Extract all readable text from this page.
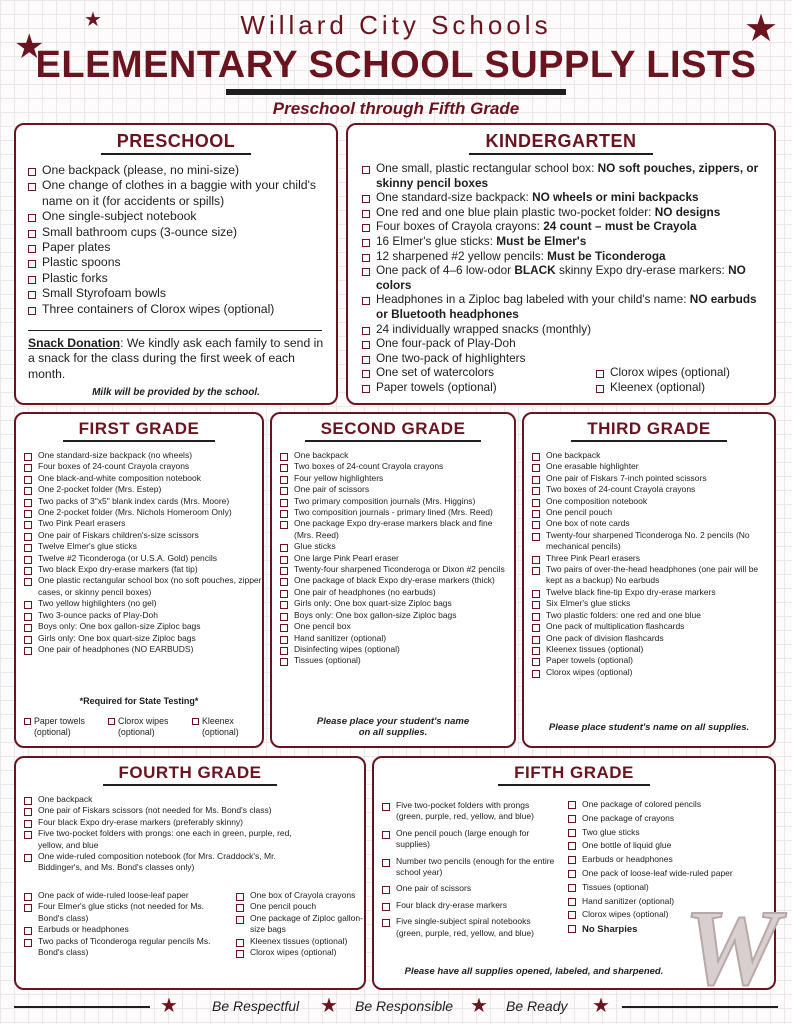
★
★	★
Willard City Schools
ELEMENTARY SCHOOL SUPPLY LISTS
Preschool through Fifth Grade
PRESCHOOL
One backpack (please, no mini-size)
One change of clothes in a baggie with your child's name on it (for accidents or spills)
One single-subject notebook
Small bathroom cups (3-ounce size)
Paper plates
Plastic spoons
Plastic forks
Small Styrofoam bowls
Three containers of Clorox wipes (optional)
Snack Donation: We kindly ask each family to send in a snack for the class during the first week of each month.
Milk will be provided by the school.
KINDERGARTEN
One small, plastic rectangular school box: NO soft pouches, zippers, or skinny pencil boxes
One standard-size backpack: NO wheels or mini backpacks
One red and one blue plain plastic two-pocket folder: NO designs
Four boxes of Crayola crayons: 24 count – must be Crayola
16 Elmer's glue sticks: Must be Elmer's
12 sharpened #2 yellow pencils: Must be Ticonderoga
One pack of 4–6 low-odor BLACK skinny Expo dry-erase markers: NO colors
Headphones in a Ziploc bag labeled with your child's name: NO earbuds or Bluetooth headphones
24 individually wrapped snacks (monthly)
One four-pack of Play-Doh
One two-pack of highlighters
One set of watercolors
Paper towels (optional)
Clorox wipes (optional)
Kleenex (optional)
FIRST GRADE
One standard-size backpack (no wheels)
Four boxes of 24-count Crayola crayons
One black-and-white composition notebook
One 2-pocket folder (Mrs. Estep)
Two packs of 3"x5" blank index cards (Mrs. Moore)
One 2-pocket folder (Mrs. Nichols Homeroom Only)
Two Pink Pearl erasers
One pair of Fiskars children's-size scissors
Twelve Elmer's glue sticks
Twelve #2 Ticonderoga (or U.S.A. Gold) pencils
Two black Expo dry-erase markers (fat tip)
One plastic rectangular school box (no soft pouches, zipper cases, or skinny pencil boxes)
Two yellow highlighters (no gel)
Two 3-ounce packs of Play-Doh
Boys only: One box gallon-size Ziploc bags
Girls only: One box quart-size Ziploc bags
One pair of headphones (NO EARBUDS)
*Required for State Testing*
Paper towels (optional)
Clorox wipes (optional)
Kleenex (optional)
SECOND GRADE
One backpack
Two boxes of 24-count Crayola crayons
Four yellow highlighters
One pair of scissors
Two primary composition journals (Mrs. Higgins)
Two composition journals - primary lined (Mrs. Reed)
One package Expo dry-erase markers black and fine (Mrs. Reed)
Glue sticks
One large Pink Pearl eraser
Twenty-four sharpened Ticonderoga or Dixon #2 pencils
One package of black Expo dry-erase markers (thick)
One pair of headphones (no earbuds)
Girls only: One box quart-size Ziploc bags
Boys only: One box gallon-size Ziploc bags
One pencil box
Hand sanitizer (optional)
Disinfecting wipes (optional)
Tissues (optional)
Please place your student's name on all supplies.
THIRD GRADE
One backpack
One erasable highlighter
One pair of Fiskars 7-inch pointed scissors
Two boxes of 24-count Crayola crayons
One composition notebook
One pencil pouch
One box of note cards
Twenty-four sharpened Ticonderoga No. 2 pencils (No mechanical pencils)
Three Pink Pearl erasers
Two pairs of over-the-head headphones (one pair will be kept as a backup) No earbuds
Twelve black fine-tip Expo dry-erase markers
Six Elmer's glue sticks
Two plastic folders: one red and one blue
One pack of multiplication flashcards
One pack of division flashcards
Kleenex tissues (optional)
Paper towels (optional)
Clorox wipes (optional)
Please place student's name on all supplies.
FOURTH GRADE
One backpack
One pair of Fiskars scissors (not needed for Ms. Bond's class)
Four black Expo dry-erase markers (preferably skinny)
Five two-pocket folders with prongs: one each in green, purple, red, yellow, and blue
One wide-ruled composition notebook (for Mrs. Craddock's, Mr. Biddinger's, and Ms. Bond's classes only)
One pack of wide-ruled loose-leaf paper
Four Elmer's glue sticks (not needed for Ms. Bond's class)
Earbuds or headphones
Two packs of Ticonderoga regular pencils Ms. Bond's class)
One box of Crayola crayons
One pencil pouch
One package of Ziploc gallon-size bags
Kleenex tissues (optional)
Clorox wipes (optional)
FIFTH GRADE
Five two-pocket folders with prongs (green, purple, red, yellow, and blue)
One pencil pouch (large enough for supplies)
Number two pencils (enough for the entire school year)
One pair of scissors
Four black dry-erase markers
Five single-subject spiral notebooks (green, purple, red, yellow, and blue)
One package of colored pencils
One package of crayons
Two glue sticks
One bottle of liquid glue
Earbuds or headphones
One pack of loose-leaf wide-ruled paper
Tissues (optional)
Hand sanitizer (optional)
Clorox wipes (optional)
No Sharpies
Please have all supplies opened, labeled, and sharpened. W
★ Be Respectful ★ Be Responsible ★ Be Ready ★
